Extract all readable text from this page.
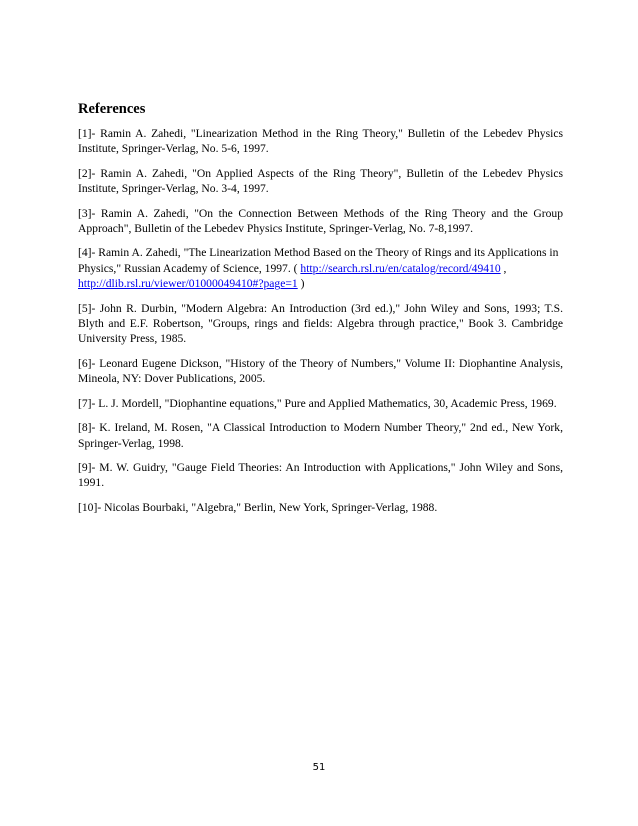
References

[1]- Ramin A. Zahedi, "Linearization Method in the Ring Theory," Bulletin of the Lebedev Physics Institute, Springer-Verlag, No. 5-6, 1997.

[2]- Ramin A. Zahedi, "On Applied Aspects of the Ring Theory", Bulletin of the Lebedev Physics Institute, Springer-Verlag, No. 3-4, 1997.

[3]- Ramin A. Zahedi, "On the Connection Between Methods of the Ring Theory and the Group Approach", Bulletin of the Lebedev Physics Institute, Springer-Verlag, No. 7-8,1997.

[4]- Ramin A. Zahedi, "The Linearization Method Based on the Theory of Rings and its Applications in Physics," Russian Academy of Science, 1997. ( http://search.rsl.ru/en/catalog/record/49410 ,
http://dlib.rsl.ru/viewer/01000049410#?page=1 )

[5]- John R. Durbin, "Modern Algebra: An Introduction (3rd ed.)," John Wiley and Sons, 1993; T.S. Blyth and E.F. Robertson, "Groups, rings and fields: Algebra through practice," Book 3. Cambridge University Press, 1985.

[6]- Leonard Eugene Dickson, "History of the Theory of Numbers," Volume II: Diophantine Analysis, Mineola, NY: Dover Publications, 2005.

[7]- L. J. Mordell, "Diophantine equations," Pure and Applied Mathematics, 30, Academic Press, 1969.

[8]- K. Ireland, M. Rosen, "A Classical Introduction to Modern Number Theory," 2nd ed., New York, Springer-Verlag, 1998.

[9]- M. W. Guidry, "Gauge Field Theories: An Introduction with Applications," John Wiley and Sons, 1991.

[10]- Nicolas Bourbaki, "Algebra," Berlin, New York, Springer-Verlag, 1988.

51
